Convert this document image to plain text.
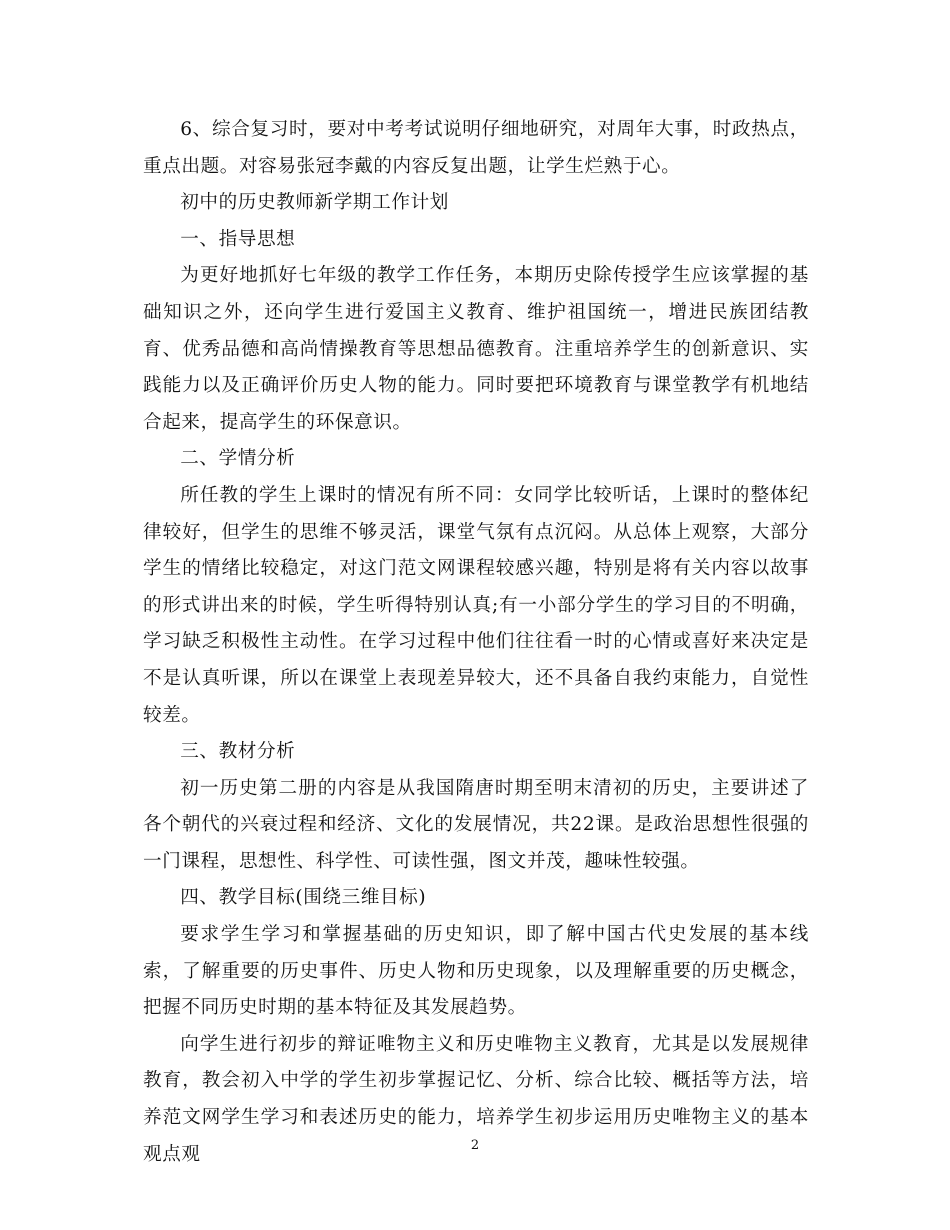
6、综合复习时，要对中考考试说明仔细地研究，对周年大事，时政热点，重点出题。对容易张冠李戴的内容反复出题，让学生烂熟于心。

初中的历史教师新学期工作计划

一、指导思想

为更好地抓好七年级的教学工作任务，本期历史除传授学生应该掌握的基础知识之外，还向学生进行爱国主义教育、维护祖国统一，增进民族团结教育、优秀品德和高尚情操教育等思想品德教育。注重培养学生的创新意识、实践能力以及正确评价历史人物的能力。同时要把环境教育与课堂教学有机地结合起来，提高学生的环保意识。

二、学情分析

所任教的学生上课时的情况有所不同：女同学比较听话，上课时的整体纪律较好，但学生的思维不够灵活，课堂气氛有点沉闷。从总体上观察，大部分学生的情绪比较稳定，对这门范文网课程较感兴趣，特别是将有关内容以故事的形式讲出来的时候，学生听得特别认真;有一小部分学生的学习目的不明确，学习缺乏积极性主动性。在学习过程中他们往往看一时的心情或喜好来决定是不是认真听课，所以在课堂上表现差异较大，还不具备自我约束能力，自觉性较差。

三、教材分析

初一历史第二册的内容是从我国隋唐时期至明末清初的历史，主要讲述了各个朝代的兴衰过程和经济、文化的发展情况，共22课。是政治思想性很强的一门课程，思想性、科学性、可读性强，图文并茂，趣味性较强。

四、教学目标(围绕三维目标)

要求学生学习和掌握基础的历史知识，即了解中国古代史发展的基本线索，了解重要的历史事件、历史人物和历史现象，以及理解重要的历史概念，把握不同历史时期的基本特征及其发展趋势。

向学生进行初步的辩证唯物主义和历史唯物主义教育，尤其是以发展规律教育，教会初入中学的学生初步掌握记忆、分析、综合比较、概括等方法，培养范文网学生学习和表述历史的能力，培养学生初步运用历史唯物主义的基本观点观	2
